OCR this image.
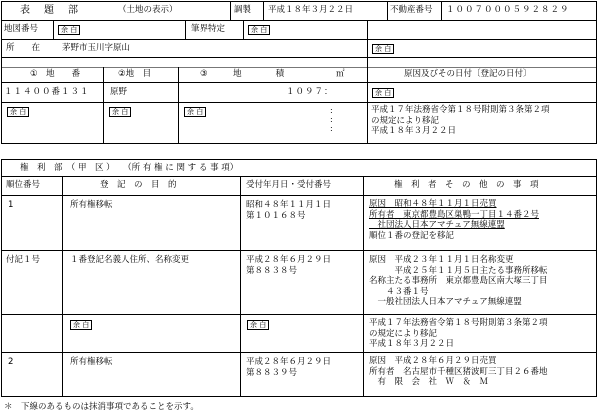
表　題　部	（土地の表示）	調製 平成１８年３月２２日	不動産番号 １００７０００５９２８２９
地図番号	余 白	筆界特定	余 白
所　　在	茅野市玉川字原山	余 白
①　地　　番	②地　目	③　　　地　　　　積	㎡	原因及びその日付〔登記の日付〕
１１４００番１３１ 原野	１０９７：	余 白
余 白	余 白	余 白	:
:
:
平成１７年法務省令第１８号附則第３条第２項
の規定により移記
平成１８年３月２２日
権　利　部　（ 甲　区 ）　　（所 有 権 に 関 す る 事 項）
順位番号	登　記　の　目　的	受付年月日・受付番号	権　利　者　そ　の　他　の　事　項
1	所有権移転	昭和４８年１１月１日
第１０１６８号
原因　昭和４８年１１月１日売買
所有者　東京都豊島区巣鴨一丁目１４番２号
　社団法人日本アマチュア無線連盟
順位１番の登記を移記
付記１号	１番登記名義人住所、名称変更	平成２８年６月２９日
第８８３８号
原因　平成２３年１１月１日名称変更
　　　平成２５年１１月５日主たる事務所移転
名称主たる事務所　東京都豊島区南大塚三丁目
　　４３番１号
　一般社団法人日本アマチュア無線連盟
余 白	余 白	平成１７年法務省令第１８号附則第３条第２項
の規定により移記
平成１８年３月２２日
2	所有権移転	平成２８年６月２９日
第８８３９号
原因　平成２８年６月２９日売買
所有者　名古屋市千種区猪波町三丁目２６番地
　有　限　会　社　Ｗ　＆　Ｍ
＊　下線のあるものは抹消事項であることを示す。
